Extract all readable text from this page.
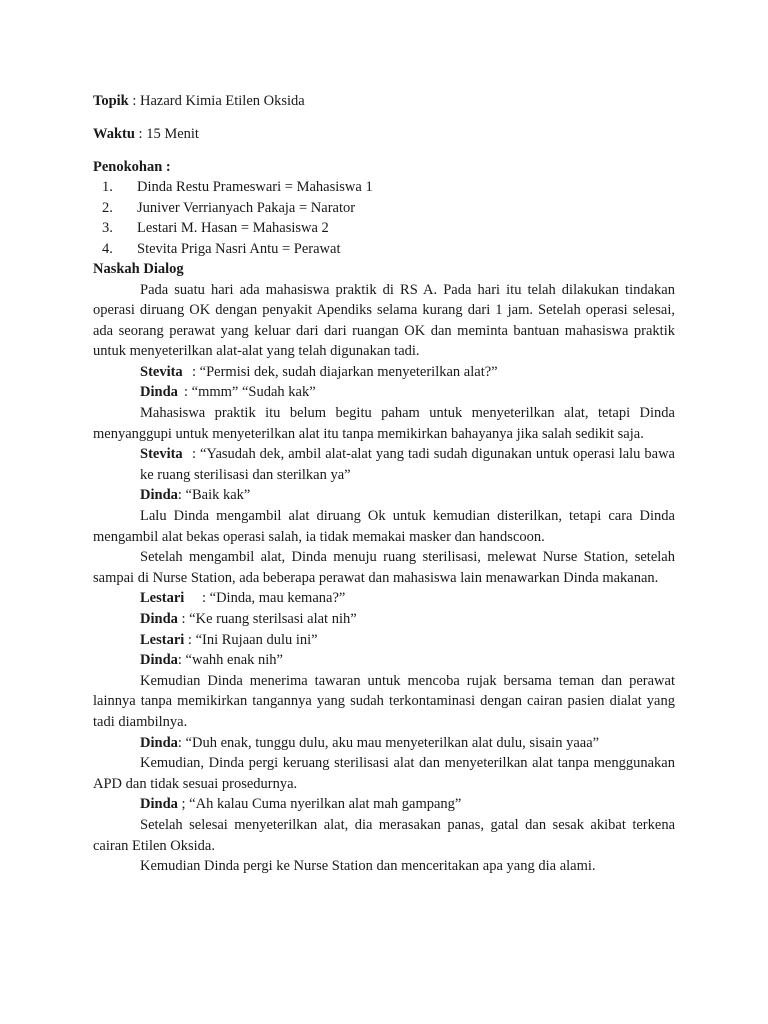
Topik : Hazard Kimia Etilen Oksida

Waktu : 15 Menit

Penokohan :

1.	Dinda Restu Prameswari = Mahasiswa 1
2.	Juniver Verrianyach Pakaja = Narator
3.	Lestari M. Hasan = Mahasiswa 2
4.	Stevita Priga Nasri Antu = Perawat

Naskah Dialog

Pada suatu hari ada mahasiswa praktik di RS A. Pada hari itu telah dilakukan tindakan operasi diruang OK dengan penyakit Apendiks selama kurang dari 1 jam. Setelah operasi selesai, ada seorang perawat yang keluar dari dari ruangan OK dan meminta bantuan mahasiswa praktik untuk menyeterilkan alat-alat yang telah digunakan tadi.

Stevita : “Permisi dek, sudah diajarkan menyeterilkan alat?”

Dinda : “mmm” “Sudah kak”

Mahasiswa praktik itu belum begitu paham untuk menyeterilkan alat, tetapi Dinda menyanggupi untuk menyeterilkan alat itu tanpa memikirkan bahayanya jika salah sedikit saja.

Stevita : “Yasudah dek, ambil alat-alat yang tadi sudah digunakan untuk operasi lalu bawa ke ruang sterilisasi dan sterilkan ya”

Dinda: “Baik kak”

Lalu Dinda mengambil alat diruang Ok untuk kemudian disterilkan, tetapi cara Dinda mengambil alat bekas operasi salah, ia tidak memakai masker dan handscoon.

Setelah mengambil alat, Dinda menuju ruang sterilisasi, melewat Nurse Station, setelah sampai di Nurse Station, ada beberapa perawat dan mahasiswa lain menawarkan Dinda makanan.

Lestari : “Dinda, mau kemana?”

Dinda : “Ke ruang sterilsasi alat nih”

Lestari : “Ini Rujaan dulu ini”

Dinda: “wahh enak nih”

Kemudian Dinda menerima tawaran untuk mencoba rujak bersama teman dan perawat lainnya tanpa memikirkan tangannya yang sudah terkontaminasi dengan cairan pasien dialat yang tadi diambilnya.

Dinda: “Duh enak, tunggu dulu, aku mau menyeterilkan alat dulu, sisain yaaa”

Kemudian, Dinda pergi keruang sterilisasi alat dan menyeterilkan alat tanpa menggunakan APD dan tidak sesuai prosedurnya.

Dinda ; “Ah kalau Cuma nyerilkan alat mah gampang”

Setelah selesai menyeterilkan alat, dia merasakan panas, gatal dan sesak akibat terkena cairan Etilen Oksida.

Kemudian Dinda pergi ke Nurse Station dan menceritakan apa yang dia alami.
